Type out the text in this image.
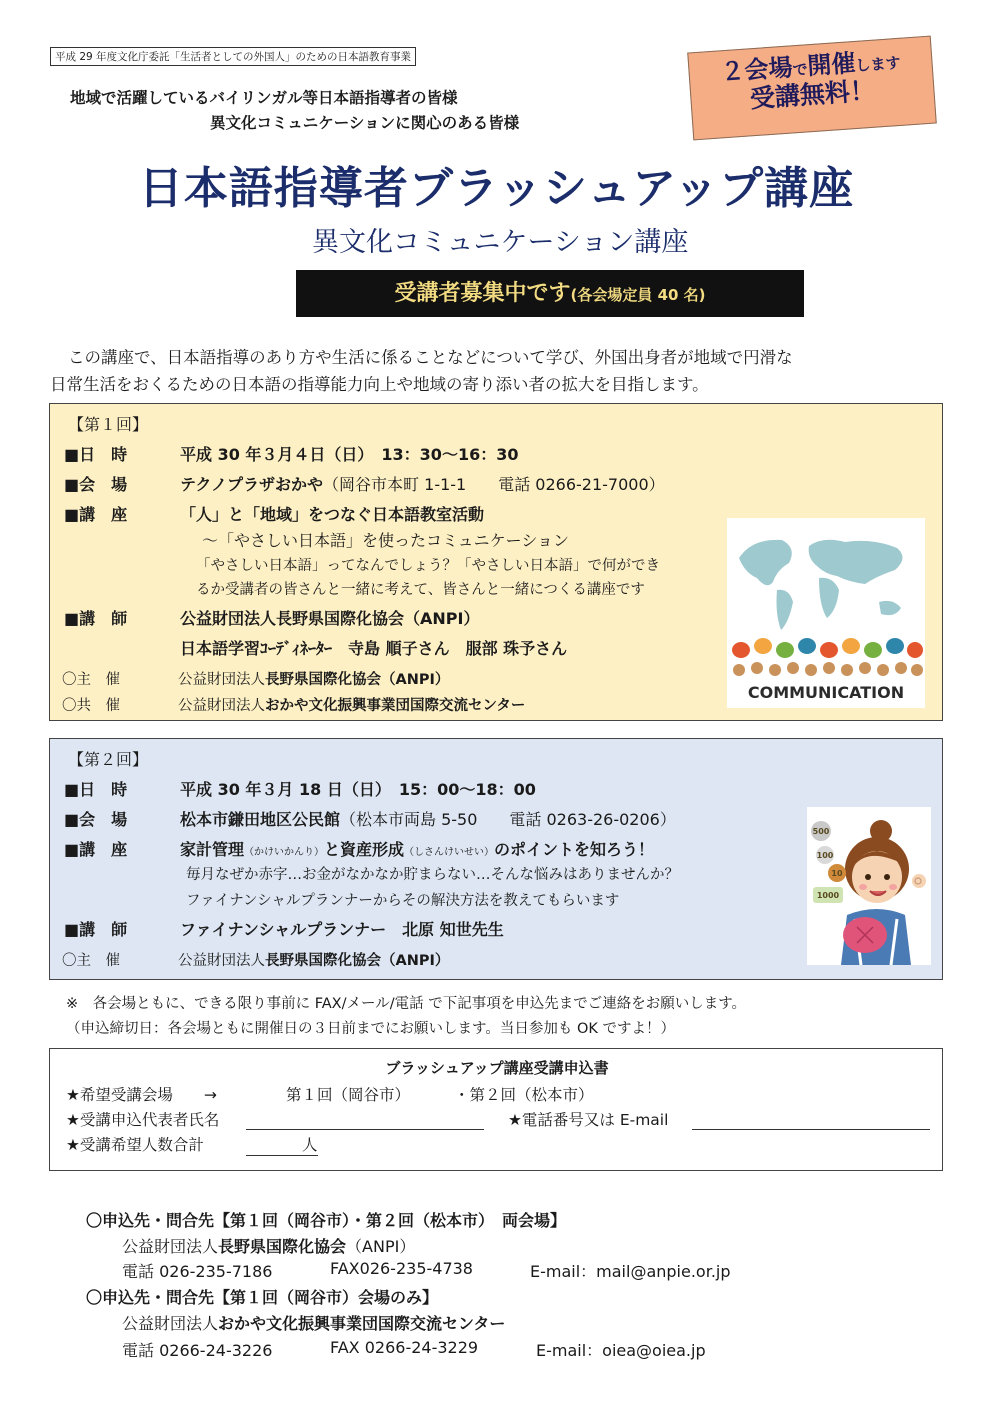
平成 29 年度文化庁委託「生活者としての外国人」のための日本語教育事業
地域で活躍しているバイリンガル等日本語指導者の皆様
異文化コミュニケーションに関心のある皆様
２会場で開催します
受講無料！
日本語指導者ブラッシュアップ講座
異文化コミュニケーション講座
受講者募集中です(各会場定員 40 名)
この講座で、日本語指導のあり方や生活に係ることなどについて学び、外国出身者が地域で円滑な
日常生活をおくるための日本語の指導能力向上や地域の寄り添い者の拡大を目指します。
【第１回】
■日　時	平成 30 年３月４日（日）　13：30～16：30
■会　場	テクノプラザおかや（岡谷市本町 1-1-1　　電話 0266-21-7000）
■講　座	「人」と「地域」をつなぐ日本語教室活動
～「やさしい日本語」を使ったコミュニケーション
「やさしい日本語」ってなんでしょう？「やさしい日本語」で何ができ
るか受講者の皆さんと一緒に考えて、皆さんと一緒につくる講座です
■講　師	公益財団法人長野県国際化協会（ANPI）
日本語学習ｺｰﾃﾞｨﾈｰﾀｰ　寺島 順子さん　服部 珠予さん
〇主　催	公益財団法人長野県国際化協会（ANPI）
〇共　催	公益財団法人おかや文化振興事業団国際交流センター
COMMUNICATION
【第２回】
■日　時	平成 30 年３月 18 日（日）　15：00～18：00
■会　場	松本市鎌田地区公民館（松本市両島 5-50　　電話 0263-26-0206）
■講　座	家計管理（かけいかんり）と資産形成（しさんけいせい）のポイントを知ろう！
毎月なぜか赤字…お金がなかなか貯まらない…そんな悩みはありませんか？
ファイナンシャルプランナーからその解決方法を教えてもらいます
■講　師	ファイナンシャルプランナー　北原 知世先生
〇主　催	公益財団法人長野県国際化協会（ANPI）
500
100
10
1000
※　各会場ともに、できる限り事前に FAX/メール/電話 で下記事項を申込先までご連絡をお願いします。
（申込締切日：各会場ともに開催日の３日前までにお願いします。当日参加も OK ですよ！）
ブラッシュアップ講座受講申込書
★希望受講会場　　→	第１回（岡谷市）	・第２回（松本市）
★受講申込代表者氏名	★電話番号又は E-mail
★受講希望人数合計	人
〇申込先・問合先【第１回（岡谷市）・第２回（松本市）　両会場】
公益財団法人長野県国際化協会（ANPI）
電話 026-235-7186	FAX026-235-4738	E-mail：mail@anpie.or.jp
〇申込先・問合先【第１回（岡谷市）会場のみ】
公益財団法人おかや文化振興事業団国際交流センター
電話 0266-24-3226	FAX 0266-24-3229	E-mail：oiea@oiea.jp
